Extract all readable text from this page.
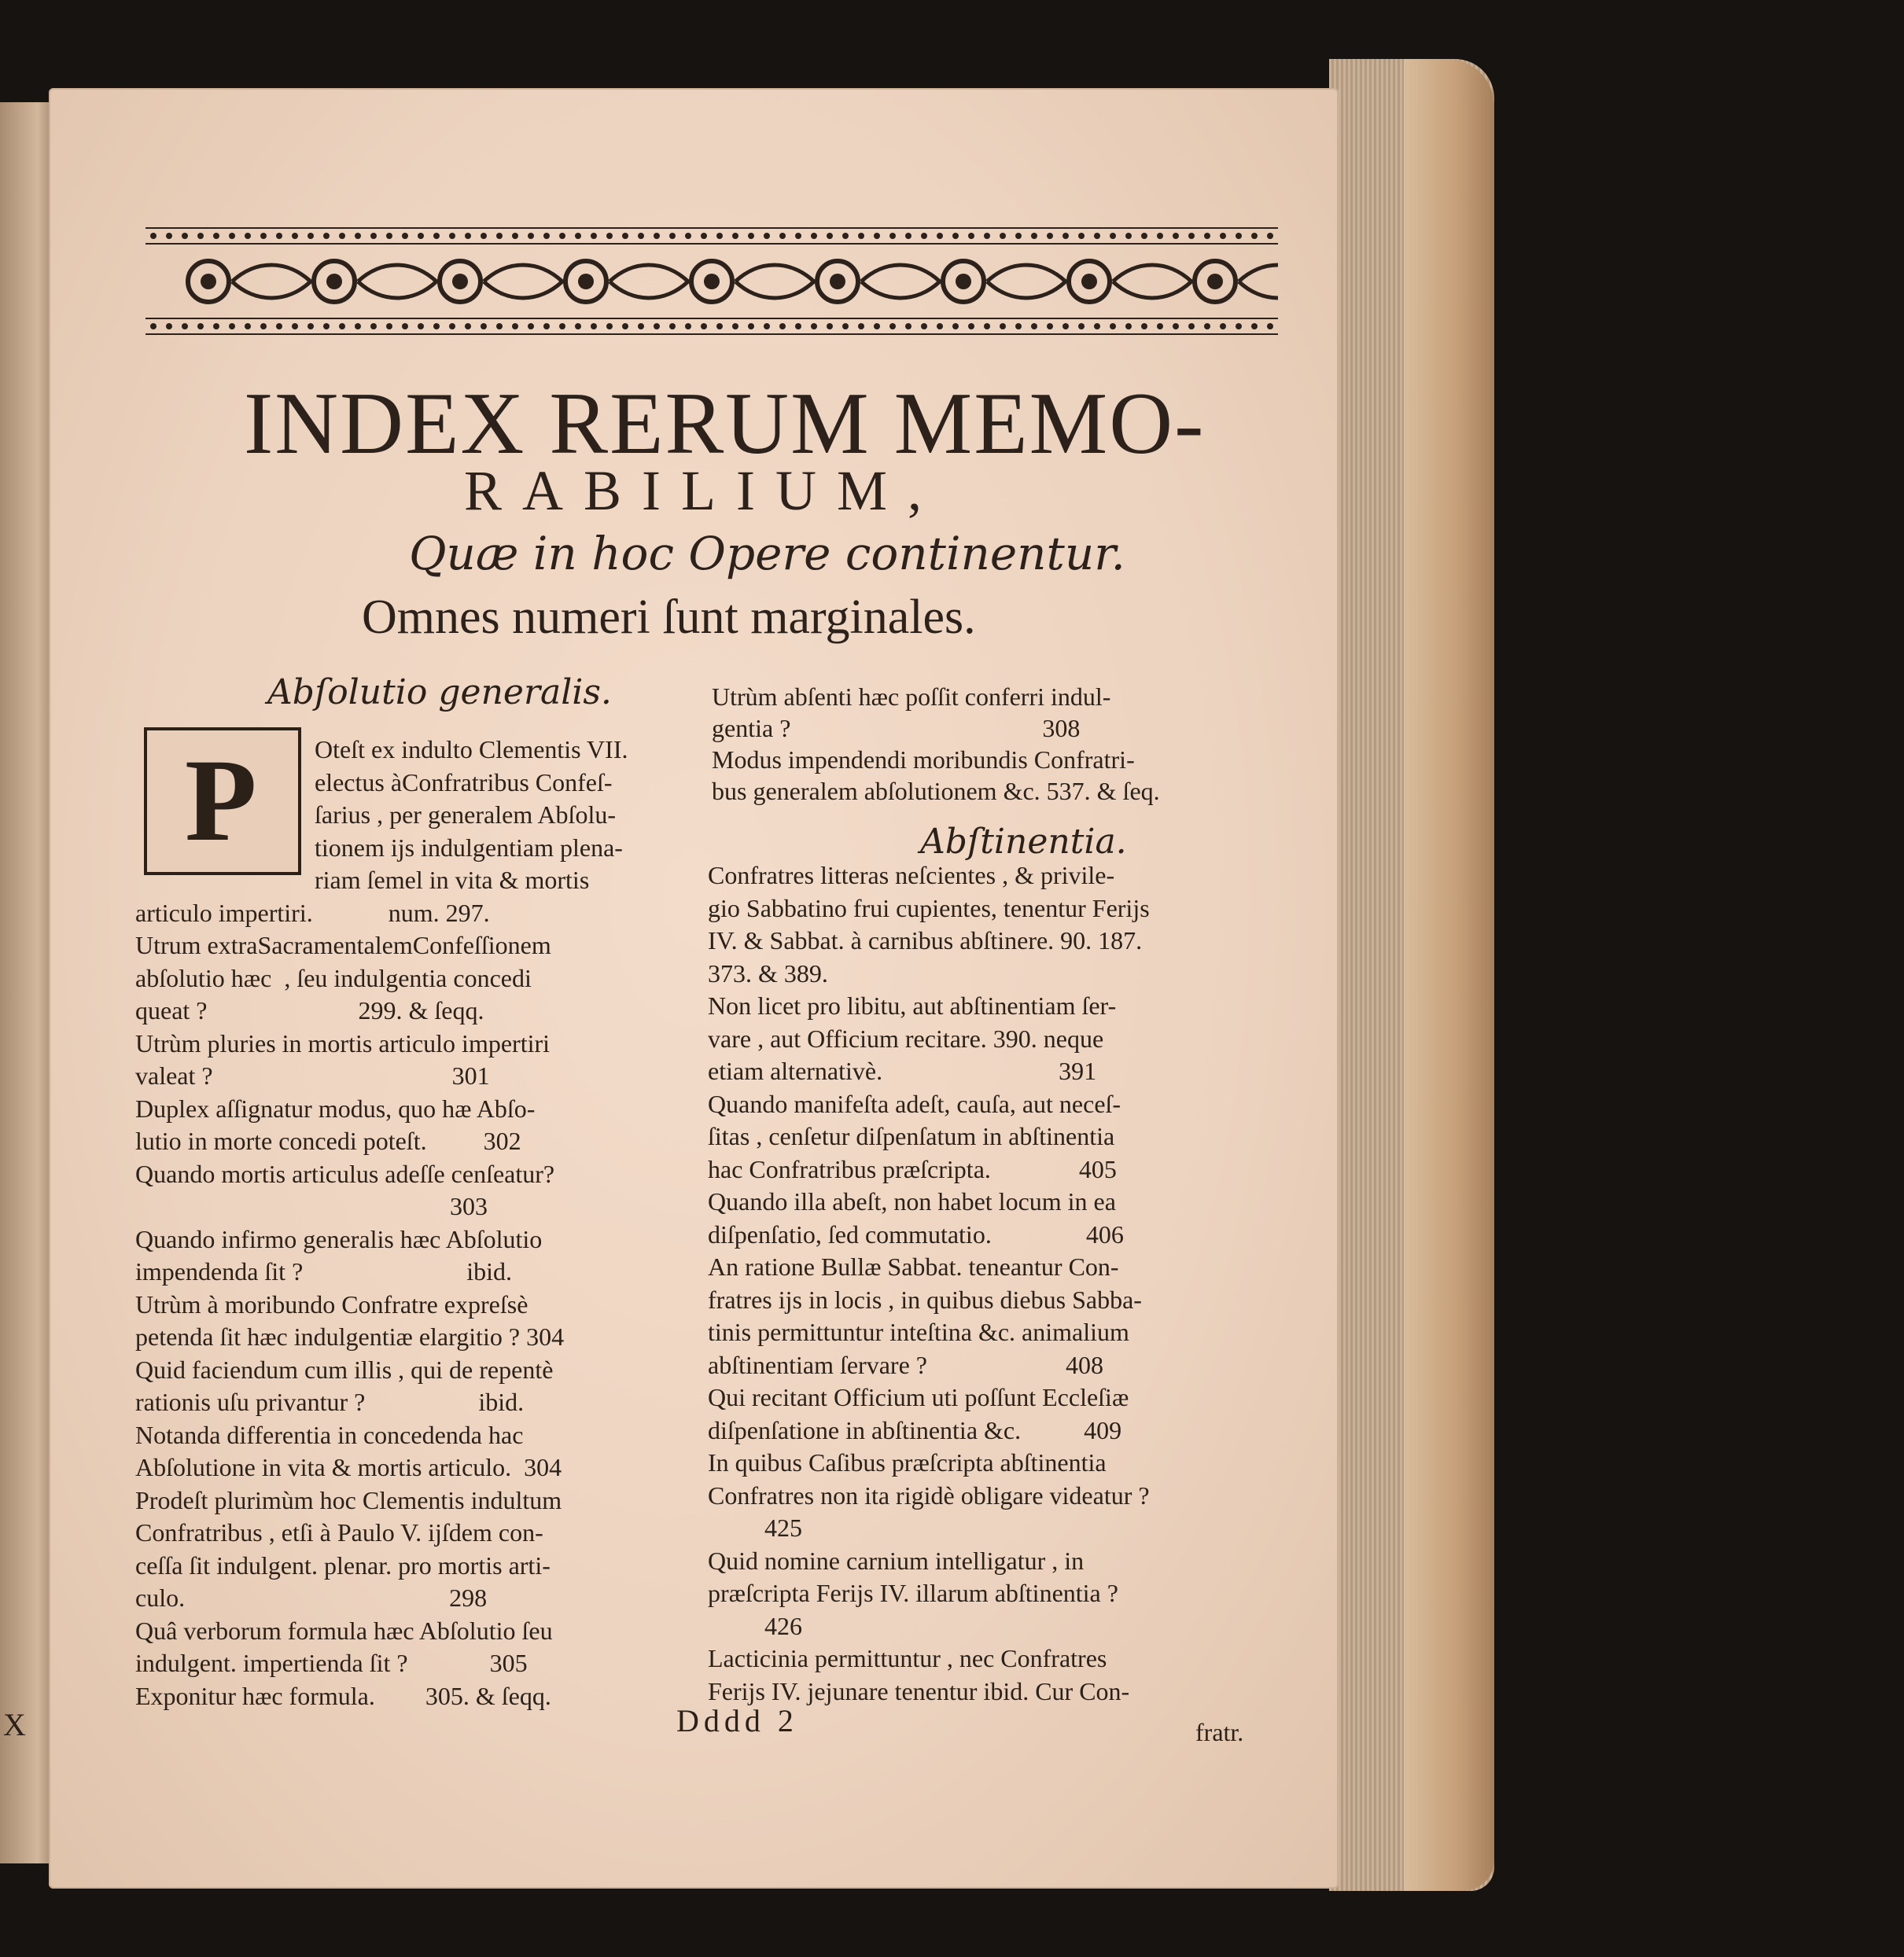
X
INDEX RERUM MEMO-
RABILIUM,
Quæ in hoc Opere continentur.
Omnes numeri ſunt marginales.
Abſolutio generalis.
P Oteſt ex indulto Clementis VII.
electus àConfratribus Confeſ-
ſarius , per generalem Abſolu-
tionem ijs indulgentiam plena-
riam ſemel in vita & mortis
articulo impertiri.            num. 297.
Utrum extraSacramentalemConfeſſionem
abſolutio hæc  , ſeu indulgentia concedi
queat ?                        299. & ſeqq.
Utrùm pluries in mortis articulo impertiri
valeat ?                                      301
Duplex aſſignatur modus, quo hæ Abſo-
lutio in morte concedi poteſt.         302
Quando mortis articulus adeſſe cenſeatur?
303
Quando infirmo generalis hæc Abſolutio
impendenda ſit ?                          ibid.
Utrùm à moribundo Confratre expreſsè
petenda ſit hæc indulgentiæ elargitio ? 304
Quid faciendum cum illis , qui de repentè
rationis uſu privantur ?                  ibid.
Notanda differentia in concedenda hac
Abſolutione in vita & mortis articulo.  304
Prodeſt plurimùm hoc Clementis indultum
Confratribus , etſi à Paulo V. ijſdem con-
ceſſa ſit indulgent. plenar. pro mortis arti-
culo.                                          298
Quâ verborum formula hæc Abſolutio ſeu
indulgent. impertienda ſit ?             305
Exponitur hæc formula.        305. & ſeqq.
Utrùm abſenti hæc poſſit conferri indul-
gentia ?                                        308
Modus impendendi moribundis Confratri-
bus generalem abſolutionem &c. 537. & ſeq.
Confratres litteras neſcientes , & privile-
gio Sabbatino frui cupientes, tenentur Ferijs
IV. & Sabbat. à carnibus abſtinere. 90. 187.
373. & 389.
Non licet pro libitu, aut abſtinentiam ſer-
vare , aut Officium recitare. 390. neque
etiam alternativè.                            391
Quando manifeſta adeſt, cauſa, aut neceſ-
ſitas , cenſetur diſpenſatum in abſtinentia
hac Confratribus præſcripta.              405
Quando illa abeſt, non habet locum in ea
diſpenſatio, ſed commutatio.               406
An ratione Bullæ Sabbat. teneantur Con-
fratres ijs in locis , in quibus diebus Sabba-
tinis permittuntur inteſtina &c. animalium
abſtinentiam ſervare ?                      408
Qui recitant Officium uti poſſunt Eccleſiæ
diſpenſatione in abſtinentia &c.          409
In quibus Caſibus præſcripta abſtinentia
Confratres non ita rigidè obligare videatur ?
425
Quid nomine carnium intelligatur , in
præſcripta Ferijs IV. illarum abſtinentia ?
426
Lacticinia permittuntur , nec Confratres
Ferijs IV. jejunare tenentur ibid. Cur Con-
Abſtinentia.
Dddd 2	fratr.
